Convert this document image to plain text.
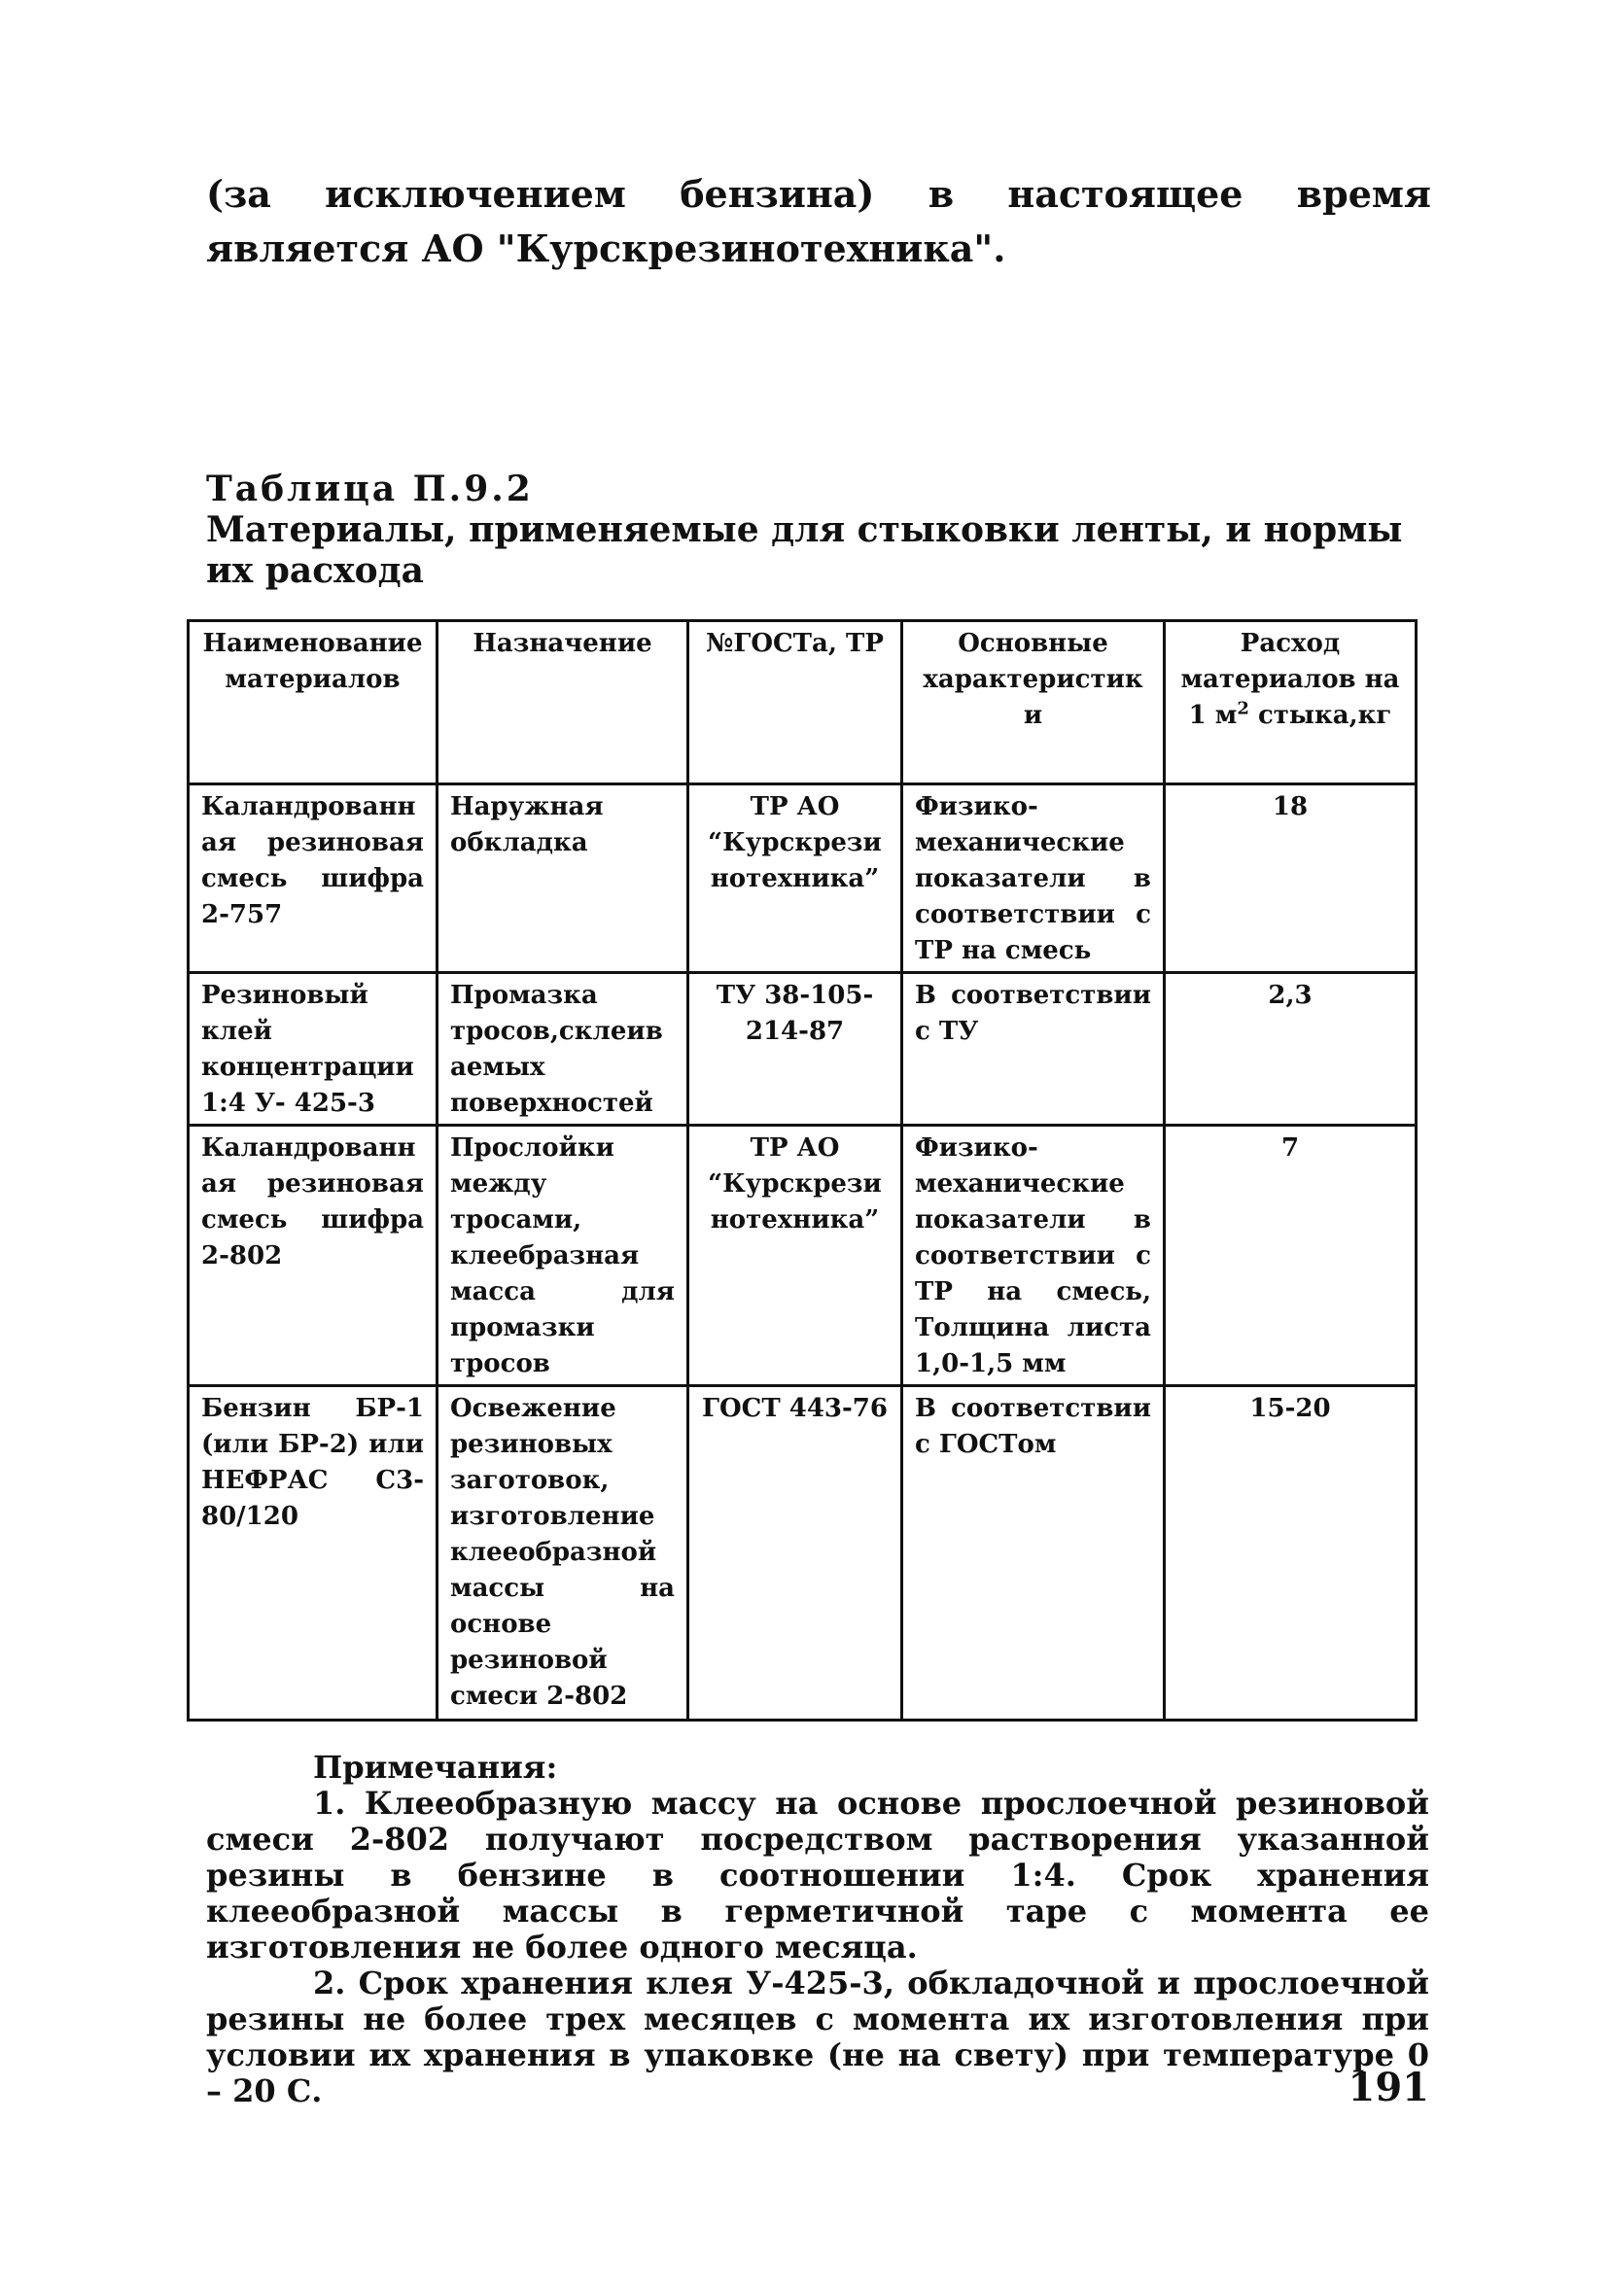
(за исключением бензина) в настоящее время является АО "Курскрезинотехника".
Таблица П.9.2
Материалы, применяемые для стыковки ленты, и нормы их расхода
Наименование материалов	Назначение	№ГОСТа, ТР	Основные характеристики	Расход материалов на 1 $м^2$ стыка,кг
Каландрованная резиновая смесь шифра 2-757	Наружная обкладка	ТР АО “Курскрезинотехника”	Физико-механические показатели в соответствии с ТР на смесь	18
Резиновый клей концентрации 1:4 У- 425-3	Промазка тросов,склеиваемых поверхностей	ТУ 38-105-214-87	В соответствии с ТУ	2,3
Каландрованная резиновая смесь шифра 2-802	Прослойки между тросами, клеебразная масса для промазки тросов	ТР АО “Курскрезинотехника”	Физико-механические показатели в соответствии с ТР на смесь, Толщина листа 1,0-1,5 мм	7
Бензин БР-1 (или БР-2) или НЕФРАС С3-80/120	Освежение резиновых заготовок, изготовление клееобразной массы на основе резиновой смеси 2-802	ГОСТ 443-76	В соответствии с ГОСТом	15-20

Примечания:

1. Клееобразную массу на основе прослоечной резиновой смеси 2-802 получают посредством растворения указанной резины в бензине в соотношении 1:4. Срок хранения клееобразной массы в герметичной таре с момента ее изготовления не более одного месяца.

2. Срок хранения клея У-425-3, обкладочной и прослоечной резины не более трех месяцев с момента их изготовления при условии их хранения в упаковке (не на свету) при температуре 0 – 20 С.	191
